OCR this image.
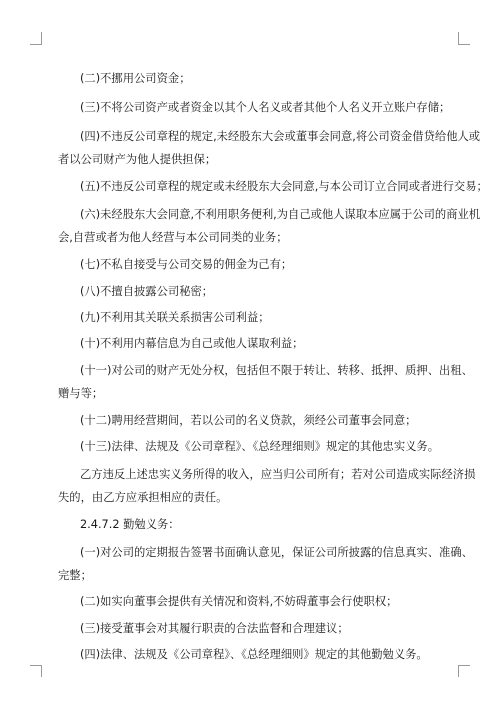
(二)不挪用公司资金；
(三)不将公司资产或者资金以其个人名义或者其他个人名义开立账户存储；
(四)不违反公司章程的规定,未经股东大会或董事会同意,将公司资金借贷给他人或
者以公司财产为他人提供担保；
(五)不违反公司章程的规定或未经股东大会同意,与本公司订立合同或者进行交易；
(六)未经股东大会同意,不利用职务便利,为自己或他人谋取本应属于公司的商业机
会,自营或者为他人经营与本公司同类的业务；
(七)不私自接受与公司交易的佣金为己有；
(八)不擅自披露公司秘密；
(九)不利用其关联关系损害公司利益；
(十)不利用内幕信息为自己或他人谋取利益；
(十一)对公司的财产无处分权，包括但不限于转让、转移、抵押、质押、出租、
赠与等；
(十二)聘用经营期间，若以公司的名义贷款，须经公司董事会同意；
(十三)法律、法规及《公司章程》、《总经理细则》规定的其他忠实义务。
乙方违反上述忠实义务所得的收入，应当归公司所有；若对公司造成实际经济损
失的，由乙方应承担相应的责任。
2.4.7.2 勤勉义务：
(一)对公司的定期报告签署书面确认意见，保证公司所披露的信息真实、准确、
完整；
(二)如实向董事会提供有关情况和资料,不妨碍董事会行使职权；
(三)接受董事会对其履行职责的合法监督和合理建议；
(四)法律、法规及《公司章程》、《总经理细则》规定的其他勤勉义务。
